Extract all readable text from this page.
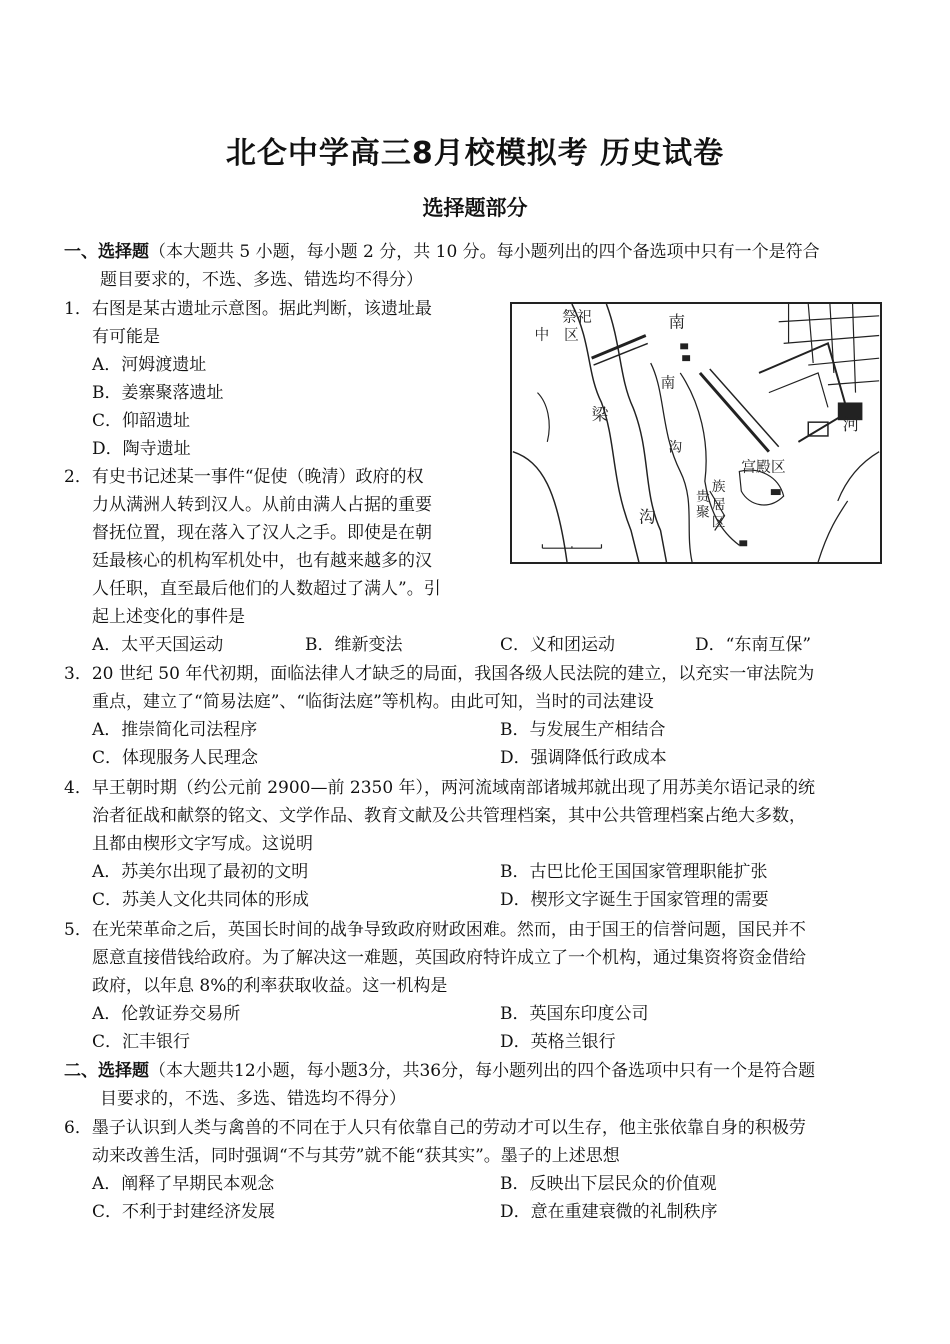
北仑中学高三8月校模拟考 历史试卷
选择题部分
一、选择题（本大题共 5 小题，每小题 2 分，共 10 分。每小题列出的四个备选项中只有一个是符合
题目要求的，不选、多选、错选均不得分）
1．右图是某古遗址示意图。据此判断，该遗址最
有可能是
A．河姆渡遗址
B．姜寨聚落遗址
C．仰韶遗址
D．陶寺遗址
中
祭祀
区
南
南
梁
沟
沟
河
宫殿区
贵
族
居
聚
区
2．有史书记述某一事件“促使（晚清）政府的权
力从满洲人转到汉人。从前由满人占据的重要
督抚位置，现在落入了汉人之手。即使是在朝
廷最核心的机构军机处中，也有越来越多的汉
人任职，直至最后他们的人数超过了满人”。引
起上述变化的事件是
A．太平天国运动	B．维新变法	C．义和团运动	D．“东南互保”
3．20 世纪 50 年代初期，面临法律人才缺乏的局面，我国各级人民法院的建立，以充实一审法院为
重点，建立了“简易法庭”、“临街法庭”等机构。由此可知，当时的司法建设
A．推崇简化司法程序	B．与发展生产相结合
C．体现服务人民理念	D．强调降低行政成本
4．早王朝时期（约公元前 2900—前 2350 年），两河流域南部诸城邦就出现了用苏美尔语记录的统
治者征战和献祭的铭文、文学作品、教育文献及公共管理档案，其中公共管理档案占绝大多数，
且都由楔形文字写成。这说明
A．苏美尔出现了最初的文明	B．古巴比伦王国国家管理职能扩张
C．苏美人文化共同体的形成	D．楔形文字诞生于国家管理的需要
5．在光荣革命之后，英国长时间的战争导致政府财政困难。然而，由于国王的信誉问题，国民并不
愿意直接借钱给政府。为了解决这一难题，英国政府特许成立了一个机构，通过集资将资金借给
政府，以年息 8%的利率获取收益。这一机构是
A．伦敦证券交易所	B．英国东印度公司
C．汇丰银行	D．英格兰银行
二、选择题（本大题共12小题，每小题3分，共36分，每小题列出的四个备选项中只有一个是符合题
目要求的，不选、多选、错选均不得分）
6．墨子认识到人类与禽兽的不同在于人只有依靠自己的劳动才可以生存，他主张依靠自身的积极劳
动来改善生活，同时强调“不与其劳”就不能“获其实”。墨子的上述思想
A．阐释了早期民本观念	B．反映出下层民众的价值观
C．不利于封建经济发展	D．意在重建衰微的礼制秩序
